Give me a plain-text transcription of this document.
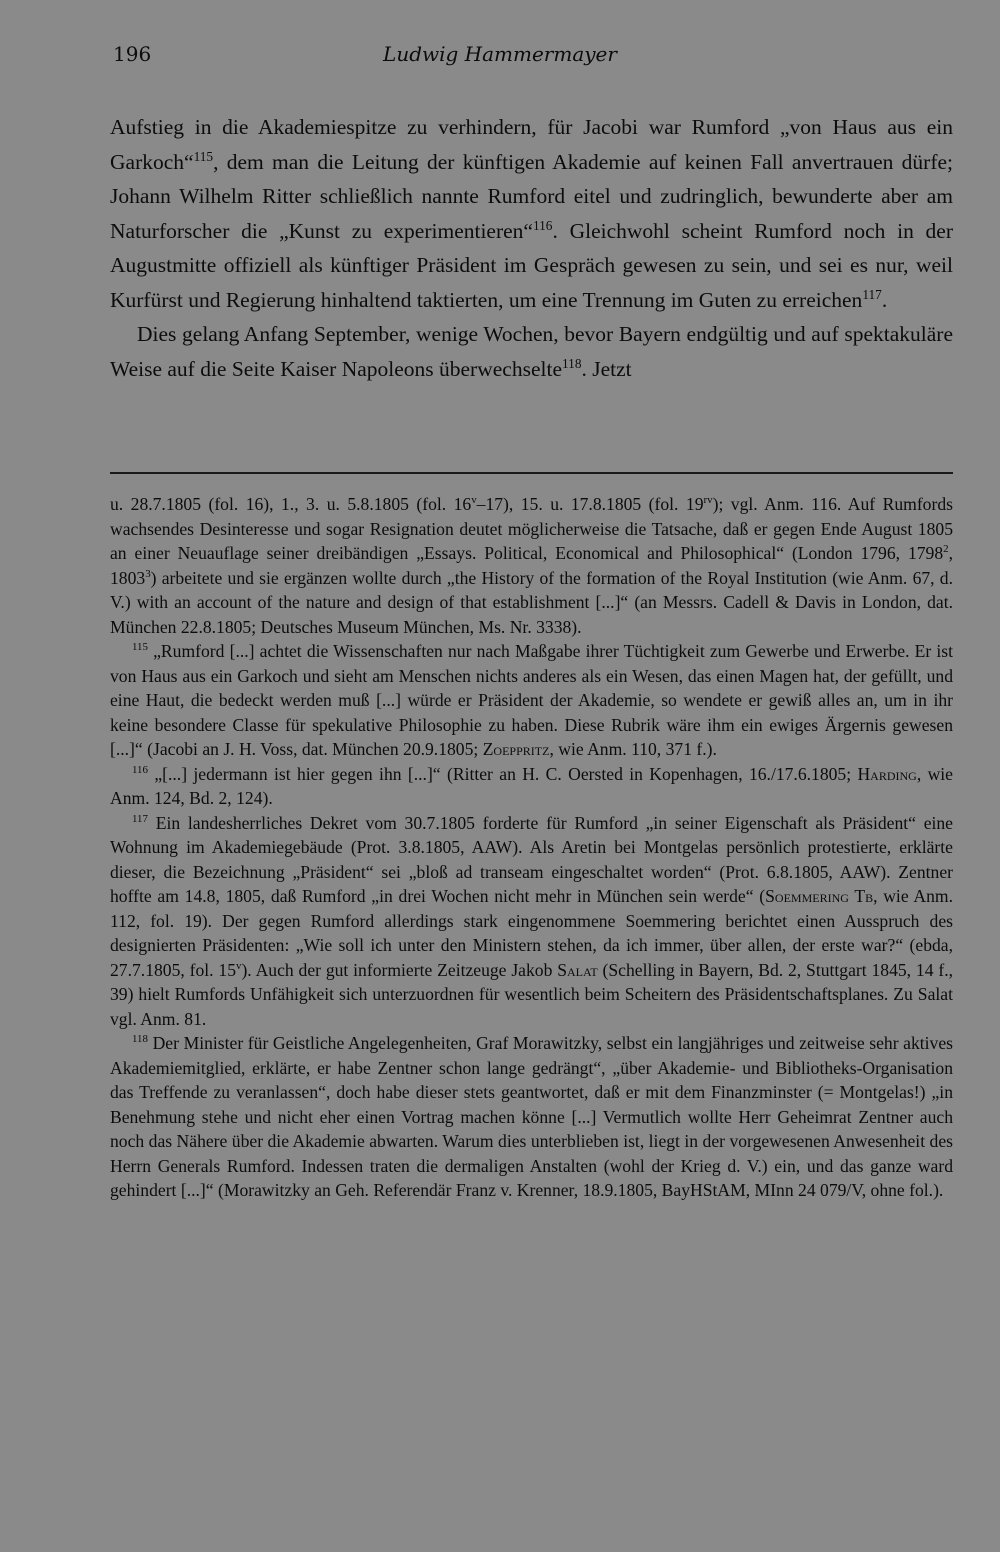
196	Ludwig Hammermayer

Aufstieg in die Akademiespitze zu verhindern, für Jacobi war Rumford „von Haus aus ein Garkoch“$^{115}$, dem man die Leitung der künftigen Akademie auf keinen Fall anvertrauen dürfe; Johann Wilhelm Ritter schließlich nannte Rumford eitel und zudringlich, bewunderte aber am Naturforscher die „Kunst zu experimentieren“$^{116}$. Gleichwohl scheint Rumford noch in der Augustmitte offiziell als künftiger Präsident im Gespräch gewesen zu sein, und sei es nur, weil Kurfürst und Regierung hinhaltend taktierten, um eine Trennung im Guten zu erreichen$^{117}$.

Dies gelang Anfang September, wenige Wochen, bevor Bayern endgültig und auf spektakuläre Weise auf die Seite Kaiser Napoleons überwechselte$^{118}$. Jetzt

u. 28.7.1805 (fol. 16), 1., 3. u. 5.8.1805 (fol. 16$^v$–17), 15. u. 17.8.1805 (fol. $19^{rv}$); vgl. Anm. 116. Auf Rumfords wachsendes Desinteresse und sogar Resignation deutet möglicherweise die Tatsache, daß er gegen Ende August 1805 an einer Neuauflage seiner dreibändigen „Essays. Political, Economical and Philosophical“ (London 1796, 1798$^2$, 1803$^3$) arbeitete und sie ergänzen wollte durch „the History of the formation of the Royal Institution (wie Anm. 67, d. V.) with an account of the nature and design of that establishment [...]“ (an Messrs. Cadell & Davis in London, dat. München 22.8.1805; Deutsches Museum München, Ms. Nr. 3338).

$^{115}$ „Rumford [...] achtet die Wissenschaften nur nach Maßgabe ihrer Tüchtigkeit zum Gewerbe und Erwerbe. Er ist von Haus aus ein Garkoch und sieht am Menschen nichts anderes als ein Wesen, das einen Magen hat, der gefüllt, und eine Haut, die bedeckt werden muß [...] würde er Präsident der Akademie, so wendete er gewiß alles an, um in ihr keine besondere Classe für spekulative Philosophie zu haben. Diese Rubrik wäre ihm ein ewiges Ärgernis gewesen [...]“ (Jacobi an J. H. Voss, dat. München 20.9.1805; Zoeppritz, wie Anm. 110, 371 f.).

$^{116}$ „[...] jedermann ist hier gegen ihn [...]“ (Ritter an H. C. Oersted in Kopenhagen, 16./17.6.1805; Harding, wie Anm. 124, Bd. 2, 124).

$^{117}$ Ein landesherrliches Dekret vom 30.7.1805 forderte für Rumford „in seiner Eigenschaft als Präsident“ eine Wohnung im Akademiegebäude (Prot. 3.8.1805, AAW). Als Aretin bei Montgelas persönlich protestierte, erklärte dieser, die Bezeichnung „Präsident“ sei „bloß ad transeam eingeschaltet worden“ (Prot. 6.8.1805, AAW). Zentner hoffte am 14.8, 1805, daß Rumford „in drei Wochen nicht mehr in München sein werde“ (Soemmering Tb, wie Anm. 112, fol. 19). Der gegen Rumford allerdings stark eingenommene Soemmering berichtet einen Ausspruch des designierten Präsidenten: „Wie soll ich unter den Ministern stehen, da ich immer, über allen, der erste war?“ (ebda, 27.7.1805, fol. 15$^v$). Auch der gut informierte Zeitzeuge Jakob Salat (Schelling in Bayern, Bd. 2, Stuttgart 1845, 14 f., 39) hielt Rumfords Unfähigkeit sich unterzuordnen für wesentlich beim Scheitern des Präsidentschaftsplanes. Zu Salat vgl. Anm. 81.

$^{118}$ Der Minister für Geistliche Angelegenheiten, Graf Morawitzky, selbst ein langjähriges und zeitweise sehr aktives Akademiemitglied, erklärte, er habe Zentner schon lange gedrängt“, „über Akademie- und Bibliotheks-Organisation das Treffende zu veranlassen“, doch habe dieser stets geantwortet, daß er mit dem Finanzminster (= Montgelas!) „in Benehmung stehe und nicht eher einen Vortrag machen könne [...] Vermutlich wollte Herr Geheimrat Zentner auch noch das Nähere über die Akademie abwarten. Warum dies unterblieben ist, liegt in der vorgewesenen Anwesenheit des Herrn Generals Rumford. Indessen traten die dermaligen Anstalten (wohl der Krieg d. V.) ein, und das ganze ward gehindert [...]“ (Morawitzky an Geh. Referendär Franz v. Krenner, 18.9.1805, BayHStAM, MInn 24 079/V, ohne fol.).
